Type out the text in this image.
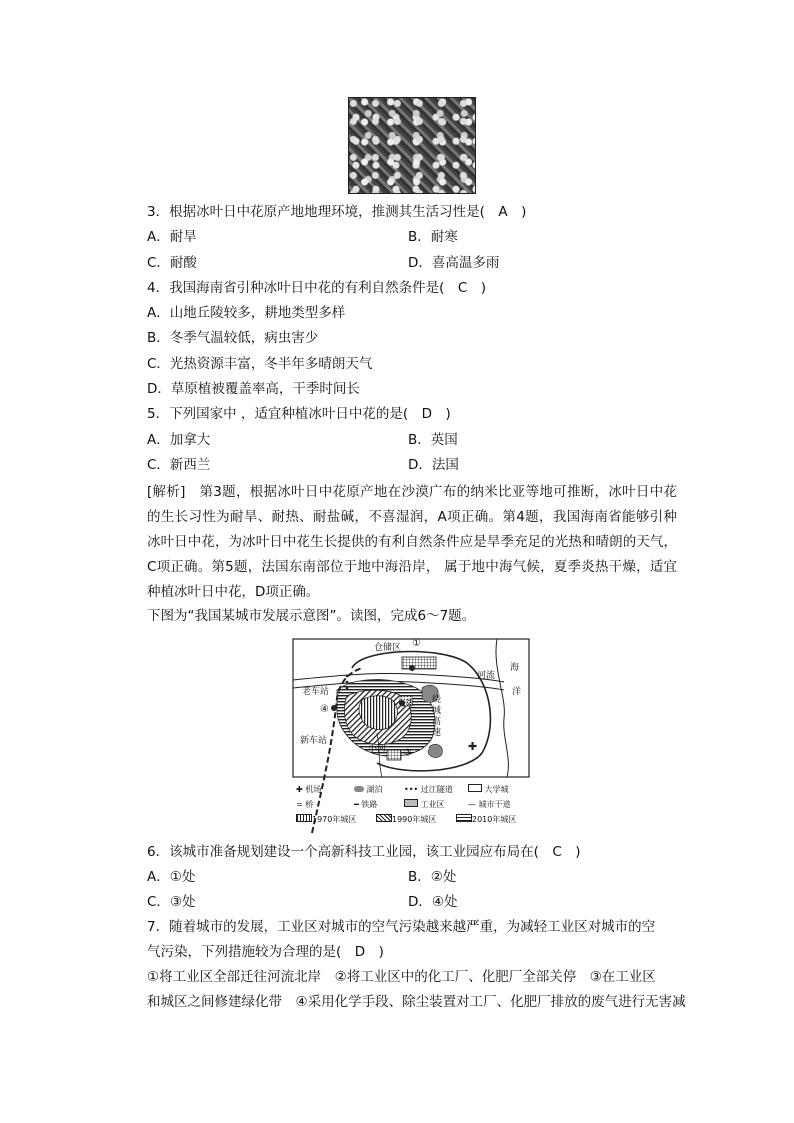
3．根据冰叶日中花原产地地理环境，推测其生活习性是(　A　)
A．耐旱	B．耐寒
C．耐酸	D．喜高温多雨
4．我国海南省引种冰叶日中花的有利自然条件是(　C　)
A．山地丘陵较多，耕地类型多样
B．冬季气温较低，病虫害少
C．光热资源丰富，冬半年多晴朗天气
D．草原植被覆盖率高，干季时间长
5．下列国家中 ，适宜种植冰叶日中花的是(　D　)
A．加拿大	B．英国
C．新西兰	D．法国
[解析]　第3题，根据冰叶日中花原产地在沙漠广布的纳米比亚等地可推断，冰叶日中花的生长习性为耐旱、耐热、耐盐碱，不喜湿润，A项正确。第4题，我国海南省能够引种冰叶日中花，为冰叶日中花生长提供的有利自然条件应是旱季充足的光热和晴朗的天气，C项正确。第5题，法国东南部位于地中海沿岸， 属于地中海气候，夏季炎热干燥，适宜种植冰叶日中花，D项正确。
下图为“我国某城市发展示意图”。读图，完成6～7题。
✚
仓储区 ①
河流
海
洋
老车站
④
②
新车站
绕
城
高
速
小河 ③
✚ 机场	湖泊	••• 过江隧道	大学城
≍ 桥	━ 铁路	工业区	— 城市干道
1970年城区	1990年城区	2010年城区
6．该城市准备规划建设一个高新科技工业园，该工业园应布局在(　C　)
A．①处	B．②处
C．③处	D．④处
7．随着城市的发展，工业区对城市的空气污染越来越严重，为减轻工业区对城市的空
气污染，下列措施较为合理的是(　D　)
①将工业区全部迁往河流北岸　②将工业区中的化工厂、化肥厂全部关停　③在工业区
和城区之间修建绿化带　④采用化学手段、除尘装置对工厂、化肥厂排放的废气进行无害减
